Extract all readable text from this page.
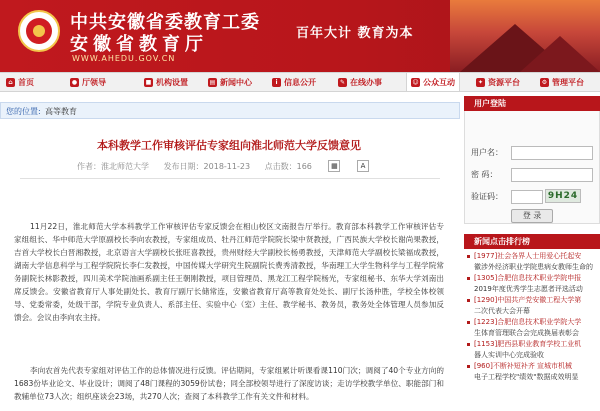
中共安徽省委教育工委
安徽省教育厅
WWW.AHEDU.GOV.CN
百年大计 教育为本
⌂ 首页	● 厅领导	■ 机构设置	▤ 新闻中心	i 信息公开	✎ 在线办事	☺ 公众互动	✦ 资源平台	⚙ 管理平台
您的位置: 高等教育
本科教学工作审核评估专家组向淮北师范大学反馈意见
作者：淮北师范大学 发布日期：2018-11-23 点击数：166	▦	A

11月22日，淮北师范大学本科教学工作审核评估专家反馈会在相山校区文南报告厅举行。教育部本科教学工作审核评估专家组组长、华中师范大学原副校长李向农教授，专家组成员、牡丹江师范学院院长梁中贤教授，广西民族大学校长谢尚果教授，吉首大学校长白晋湘教授，北京语言大学副校长张旺喜教授，贵州财经大学副校长杨勇教授，天津师范大学副校长梁福成教授，湖南大学信息科学与工程学院院长李仁发教授，中国传媒大学研究生院副院长费秀清教授，华南理工大学生物科学与工程学院常务副院长林影教授，四川美术学院油画系副主任王朝刚教授，项目管理员、黑龙江工程学院杨光，专家组秘书、东华大学刘南出席反馈会。安徽省教育厅人事处副处长、教育厅副厅长储常连，安徽省教育厅高等教育处处长、副厅长汤仲胜，学校全体校领导、党委常委，处级干部，学院专业负责人、系部主任、实验中心（室）主任、教学秘书、教务员，教务处全体管理人员参加反馈会。会议由李向农主持。

李向农首先代表专家组对评估工作的总体情况进行反馈。评估期间，专家组累计听课看课110门次；调阅了40个专业方向的1683份毕业论文、毕业设计；调阅了48门课程的3059份试卷；同全部校领导进行了深度访谈；走访学校教学单位、职能部门和教辅单位73人次；组织座谈会23场，共270人次；查阅了本科教学工作有关文件和材料。

用户登陆
用户名：
密 码：
验证码：	9H24
登 录
新闻点击排行榜
[1977]社会各界人士用爱心托起安
徽涉外经济职业学院患病女教师生命的
[1305]合肥信息技术职业学院申报
2019年度优秀学生志愿者评选活动
[1290]中国共产党安徽工程大学第
二次代表大会开幕
[1223]合肥信息技术职业学院大学
生体育管理联合会完成换届表彰会
[1153]肥西县职业教育学校工业机
器人实训中心完成验收
[960]不断补短补齐 宣城市机械
电子工程学校"绩效"数据成效明显
